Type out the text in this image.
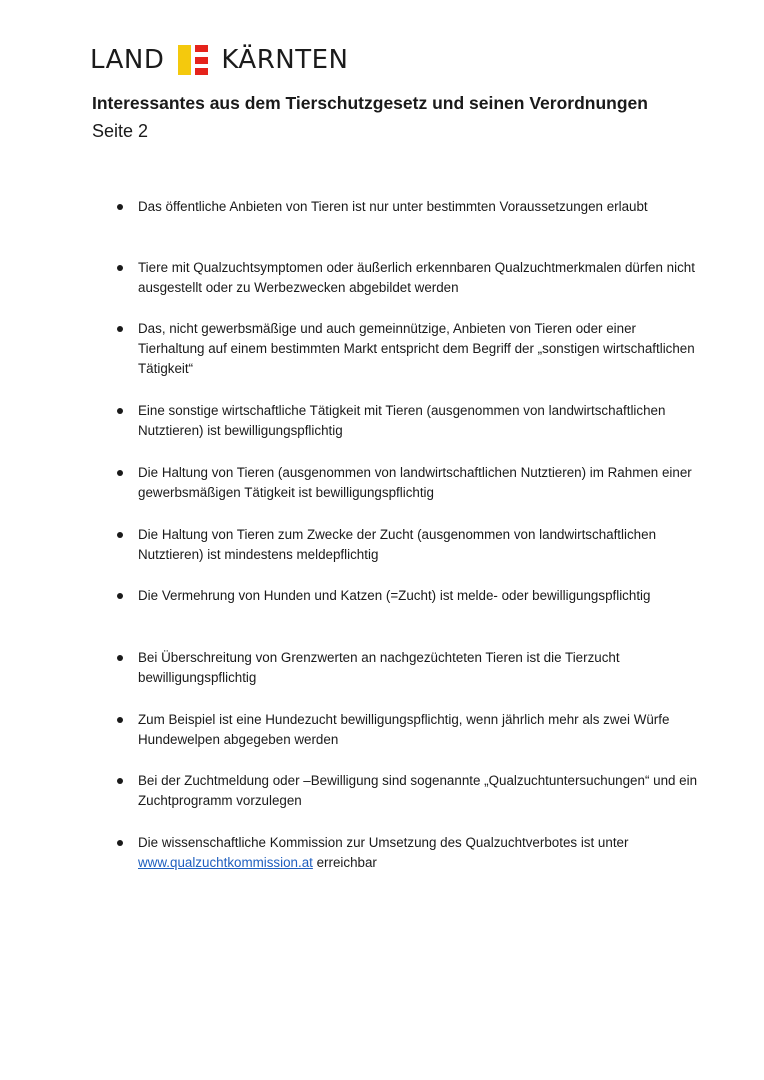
LAND KÄRNTEN
Interessantes aus dem Tierschutzgesetz und seinen Verordnungen
Seite 2
Das öffentliche Anbieten von Tieren ist nur unter bestimmten Voraussetzungen erlaubt
Tiere mit Qualzuchtsymptomen oder äußerlich erkennbaren Qualzuchtmerkmalen dürfen nicht ausgestellt oder zu Werbezwecken abgebildet werden
Das, nicht gewerbsmäßige und auch gemeinnützige, Anbieten von Tieren oder einer Tierhaltung auf einem bestimmten Markt entspricht dem Begriff der „sonstigen wirtschaftlichen Tätigkeit“
Eine sonstige wirtschaftliche Tätigkeit mit Tieren (ausgenommen von landwirtschaftlichen Nutztieren) ist bewilligungspflichtig
Die Haltung von Tieren (ausgenommen von landwirtschaftlichen Nutztieren) im Rahmen einer gewerbsmäßigen Tätigkeit ist bewilligungspflichtig
Die Haltung von Tieren zum Zwecke der Zucht (ausgenommen von landwirtschaftlichen Nutztieren) ist mindestens meldepflichtig
Die Vermehrung von Hunden und Katzen (=Zucht) ist melde- oder bewilligungspflichtig
Bei Überschreitung von Grenzwerten an nachgezüchteten Tieren ist die Tierzucht bewilligungspflichtig
Zum Beispiel ist eine Hundezucht bewilligungspflichtig, wenn jährlich mehr als zwei Würfe Hundewelpen abgegeben werden
Bei der Zuchtmeldung oder –Bewilligung sind sogenannte „Qualzuchtuntersuchungen“ und ein Zuchtprogramm vorzulegen
Die wissenschaftliche Kommission zur Umsetzung des Qualzuchtverbotes ist unter www.qualzuchtkommission.at erreichbar
